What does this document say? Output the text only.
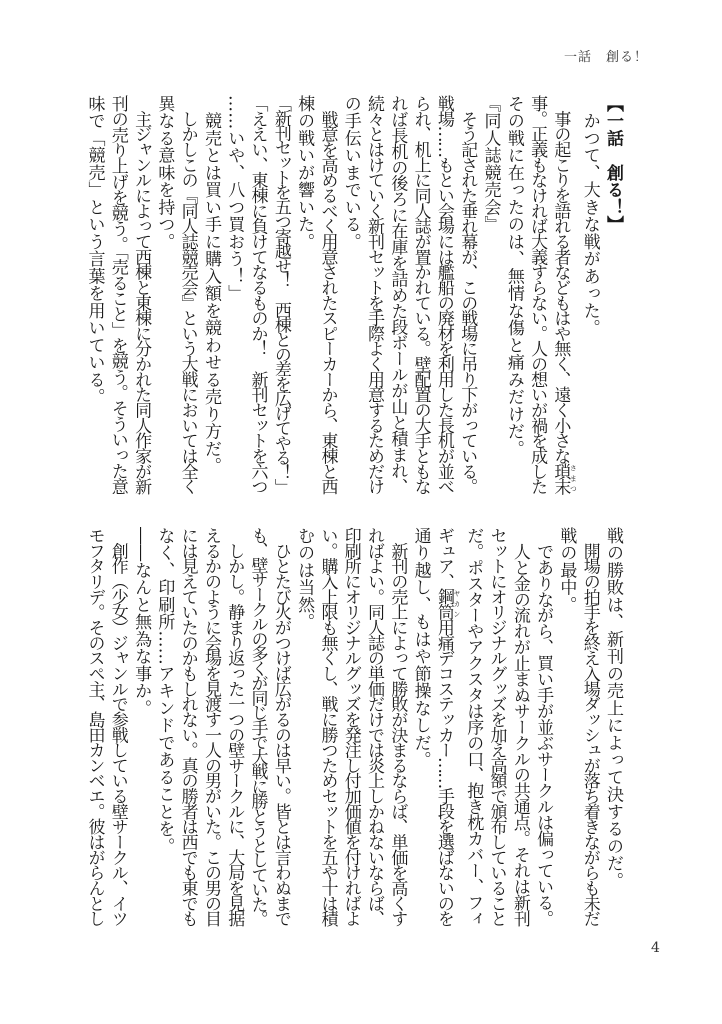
一話　創る！
【一話　創る！】
　かつて、大きな戦があった。
　事の起こりを語れる者などもはや無く、遠く小さな瑣末 さまつ
事。正義もなければ大義すらない。人の想いが禍を成した
その戦に在ったのは、無情な傷と痛みだけだ。
『同人誌競売会』
　そう記された垂れ幕が、この戦場に吊り下がっている。
戦場……もとい会場には艦船の廃材を利用した長机が並べ
られ、机上に同人誌が置かれている。壁配置の大手ともな
れば長机の後ろに在庫を詰めた段ボールが山と積まれ、
続々とはけていく新刊セットを手際よく用意するためだけ
の手伝いまでいる。
　戦意を高めるべく用意されたスピーカーから、東棟と西
棟の戦いが響いた。
「新刊セットを五つ寄越せ！　西棟との差を広げてやる！」
「ええい、東棟に負けてなるものか！　新刊セットを六つ
……いや、八つ買おう！」
　競売とは買い手に購入額を競わせる売り方だ。
　しかしこの『同人誌競売会』という大戦においては全く
異なる意味を持つ。
　主ジャンルによって西棟と東棟に分かれた同人作家が新
刊の売り上げを競う。「売ること」を競う。そういった意
味で「競売」という言葉を用いている。
戦の勝敗は、新刊の売上によって決するのだ。
　開場の拍手を終え入場ダッシュが落ち着きながらも未だ
戦の最中。
　でありながら、買い手が並ぶサークルは偏っている。
　人と金の流れが止まぬサークルの共通点。それは新刊
セットにオリジナルグッズを加え高額で頒布していること
だ。ポスターやアクスタは序の口、抱き枕カバー、フィ
ギュア、鋼筒 ヤカン用痛デコステッカー……手段を選ばないのを
通り越し、もはや節操なしだ。
　新刊の売上によって勝敗が決まるならば、単価を高くす
ればよい。同人誌の単価だけでは炎上しかねないならば、
印刷所にオリジナルグッズを発注し付加価値を付ければよ
い。購入上限も無くし、戦に勝つためセットを五や十は積
むのは当然。
　ひとたび火がつけば広がるのは早い。皆とは言わぬまで
も、壁サークルの多くが同じ手で大戦に勝とうとしていた。
　しかし。静まり返った一つの壁サークルに、大局を見据
えるかのように会場を見渡す一人の男がいた。この男の目
には見えていたのかもしれない。真の勝者は西でも東でも
なく、印刷所……アキンドであることを。
――なんと無為な事か。
　創作（少女）ジャンルで参戦している壁サークル、イツ
モフタリデ。そのスペ主、島田カンベエ。彼はがらんとし
4
